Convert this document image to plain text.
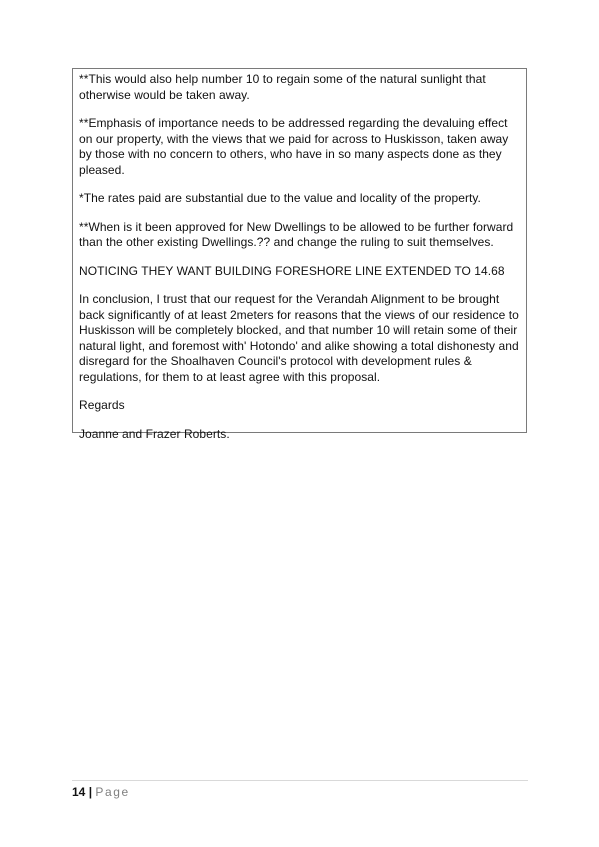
**This would also help number 10 to regain some of the natural sunlight that otherwise would be taken away.

**Emphasis of importance needs to be addressed regarding the devaluing effect on our property, with the views that we paid for across to Huskisson, taken away by those with no concern to others, who have in so many aspects done as they pleased.

*The rates paid are substantial due to the value and locality of the property.

**When is it been approved for New Dwellings to be allowed to be further forward than the other existing Dwellings.?? and change the ruling to suit themselves.

NOTICING THEY WANT BUILDING FORESHORE LINE EXTENDED TO 14.68

In conclusion, I trust that our request for the Verandah Alignment to be brought back significantly of at least 2meters for reasons that the views of our residence to Huskisson will be completely blocked, and that number 10 will retain some of their natural light, and foremost with' Hotondo' and alike showing a total dishonesty and disregard for the Shoalhaven Council's protocol with development rules & regulations, for them to at least agree with this proposal.

Regards

Joanne and Frazer Roberts.

14 | Page
